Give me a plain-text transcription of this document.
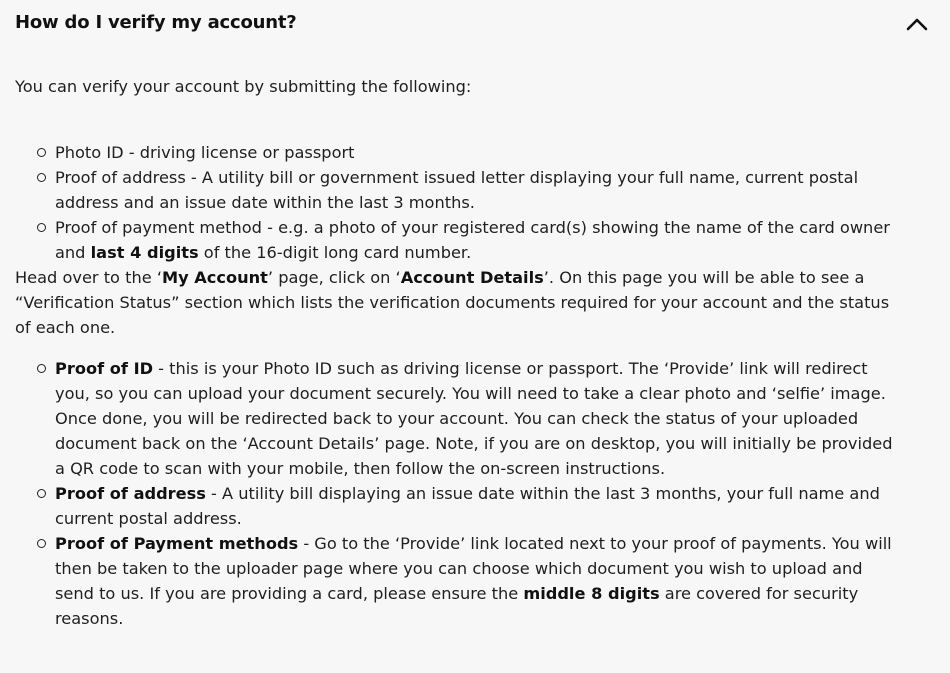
How do I verify my account?

You can verify your account by submitting the following:

Photo ID - driving license or passport
Proof of address - A utility bill or government issued letter displaying your full name, current postal address and an issue date within the last 3 months.
Proof of payment method - e.g. a photo of your registered card(s) showing the name of the card owner and last 4 digits of the 16-digit long card number.

Head over to the ‘My Account’ page, click on ‘Account Details’. On this page you will be able to see a “Verification Status” section which lists the verification documents required for your account and the status of each one.

Proof of ID - this is your Photo ID such as driving license or passport. The ‘Provide’ link will redirect you, so you can upload your document securely. You will need to take a clear photo and ‘selfie’ image. Once done, you will be redirected back to your account. You can check the status of your uploaded document back on the ‘Account Details’ page. Note, if you are on desktop, you will initially be provided a QR code to scan with your mobile, then follow the on-screen instructions.
Proof of address - A utility bill displaying an issue date within the last 3 months, your full name and current postal address.
Proof of Payment methods - Go to the ‘Provide’ link located next to your proof of payments. You will then be taken to the uploader page where you can choose which document you wish to upload and send to us. If you are providing a card, please ensure the middle 8 digits are covered for security reasons.
